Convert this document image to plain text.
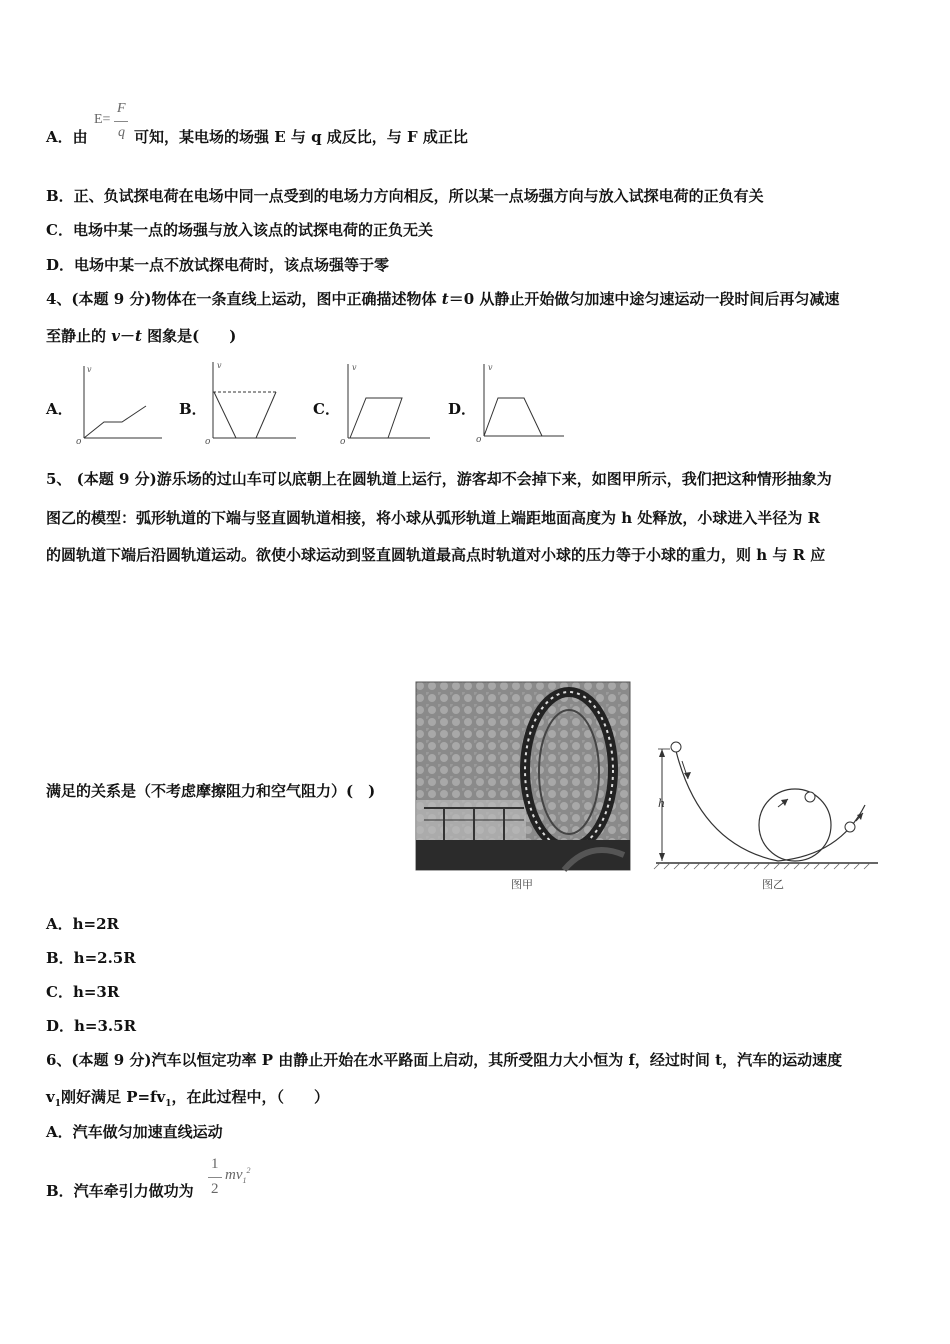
A．由
E=
F
q 可知，某电场的场强 E 与 q 成反比，与 F 成正比
B．正、负试探电荷在电场中同一点受到的电场力方向相反，所以某一点场强方向与放入试探电荷的正负有关
C．电场中某一点的场强与放入该点的试探电荷的正负无关
D．电场中某一点不放试探电荷时，该点场强等于零
4、(本题 9 分)物体在一条直线上运动，图中正确描述物体 t＝0 从静止开始做匀加速中途匀速运动一段时间后再匀减速
至静止的 v－t 图象是(　　)
A．
v
o
B．
v
o
C．
v
o
D．
v
o
5、 (本题 9 分)游乐场的过山车可以底朝上在圆轨道上运行，游客却不会掉下来，如图甲所示，我们把这种情形抽象为
图乙的模型：弧形轨道的下端与竖直圆轨道相接，将小球从弧形轨道上端距地面高度为 h 处释放，小球进入半径为 R
的圆轨道下端后沿圆轨道运动。欲使小球运动到竖直圆轨道最高点时轨道对小球的压力等于小球的重力，则 h 与 R 应
满足的关系是（不考虑摩擦阻力和空气阻力）(　)
图甲
h
图乙
A．h=2R
B．h=2.5R
C．h=3R
D．h=3.5R
6、(本题 9 分)汽车以恒定功率 P 由静止开始在水平路面上启动，其所受阻力大小恒为 f，经过时间 t，汽车的运动速度
$v_1$刚好满足 $P=fv_1$，在此过程中，（　　）
A．汽车做匀加速直线运动
B．汽车牵引力做功为
1
2
$mv_1^2$
